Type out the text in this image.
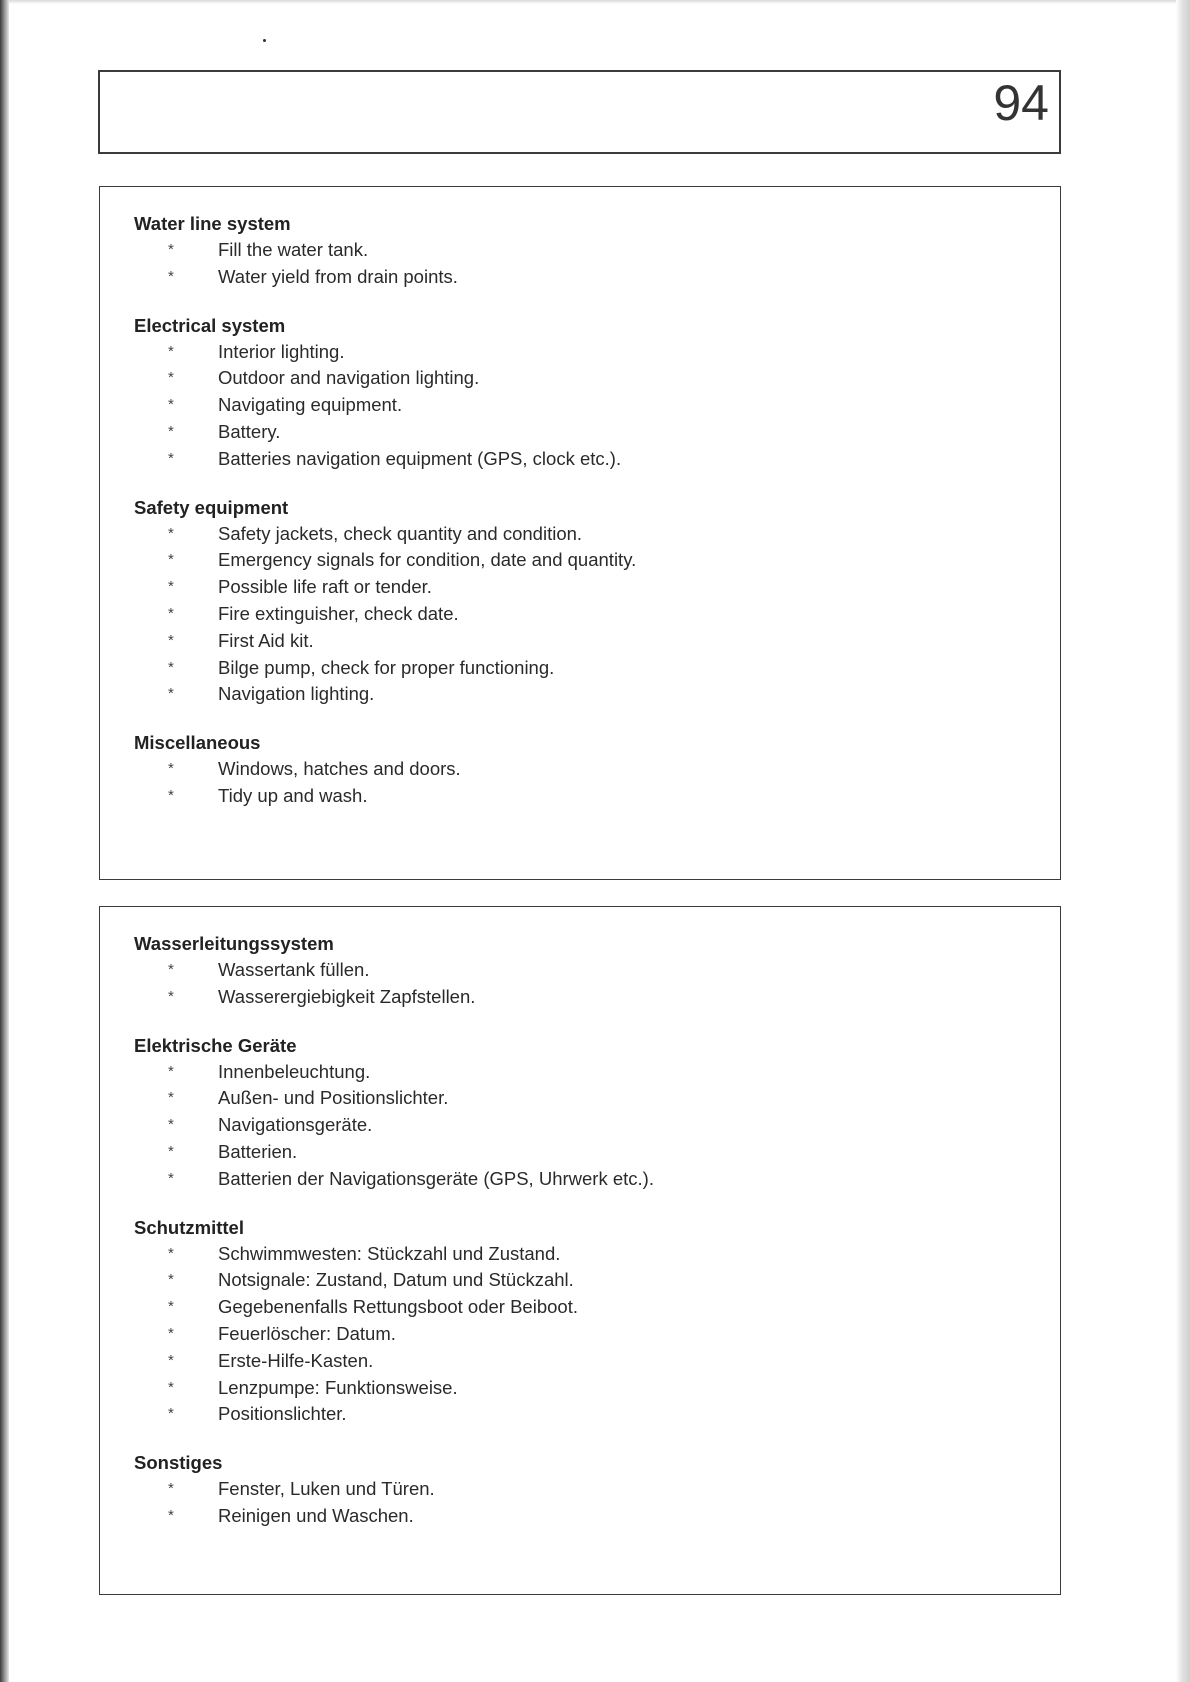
94
Water line system
* Fill the water tank.
* Water yield from drain points.
Electrical system
* Interior lighting.
* Outdoor and navigation lighting.
* Navigating equipment.
* Battery.
* Batteries navigation equipment (GPS, clock etc.).
Safety equipment
* Safety jackets, check quantity and condition.
* Emergency signals for condition, date and quantity.
* Possible life raft or tender.
* Fire extinguisher, check date.
* First Aid kit.
* Bilge pump, check for proper functioning.
* Navigation lighting.
Miscellaneous
* Windows, hatches and doors.
* Tidy up and wash.
Wasserleitungssystem
* Wassertank füllen.
* Wasserergiebigkeit Zapfstellen.
Elektrische Geräte
* Innenbeleuchtung.
* Außen- und Positionslichter.
* Navigationsgeräte.
* Batterien.
* Batterien der Navigationsgeräte (GPS, Uhrwerk etc.).
Schutzmittel
* Schwimmwesten: Stückzahl und Zustand.
* Notsignale: Zustand, Datum und Stückzahl.
* Gegebenenfalls Rettungsboot oder Beiboot.
* Feuerlöscher: Datum.
* Erste-Hilfe-Kasten.
* Lenzpumpe: Funktionsweise.
* Positionslichter.
Sonstiges
* Fenster, Luken und Türen.
* Reinigen und Waschen.
